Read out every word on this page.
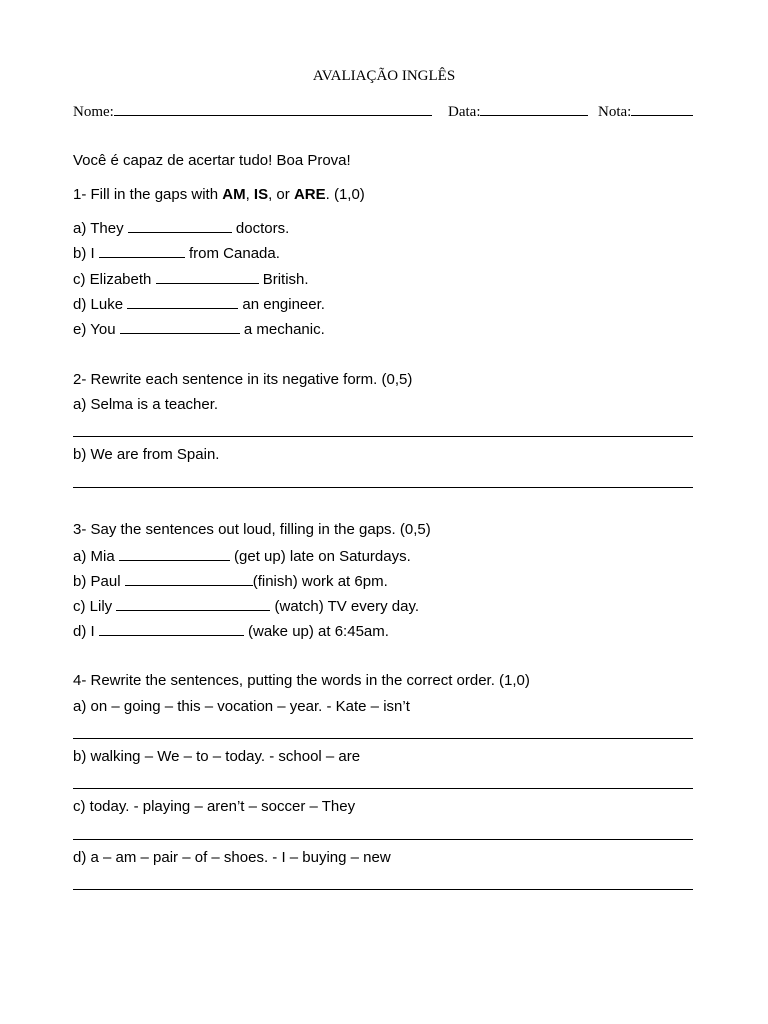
AVALIAÇÃO INGLÊS
Nome:	Data:	Nota:
Você é capaz de acertar tudo! Boa Prova!
1- Fill in the gaps with AM, IS, or ARE. (1,0)
a) They	doctors.
b) I	from Canada.
c) Elizabeth	British.
d) Luke	an engineer.
e) You	a mechanic.
2- Rewrite each sentence in its negative form. (0,5)
a) Selma is a teacher.
b) We are from Spain.
3- Say the sentences out loud, filling in the gaps. (0,5)
a) Mia	(get up) late on Saturdays.
b) Paul	(finish) work at 6pm.
c) Lily	(watch) TV every day.
d) I	(wake up) at 6:45am.
4- Rewrite the sentences, putting the words in the correct order. (1,0)
a) on – going – this – vocation – year. - Kate – isn’t
b) walking – We – to – today. - school – are
c) today. - playing – aren’t – soccer – They
d) a – am – pair – of – shoes. - I – buying – new
